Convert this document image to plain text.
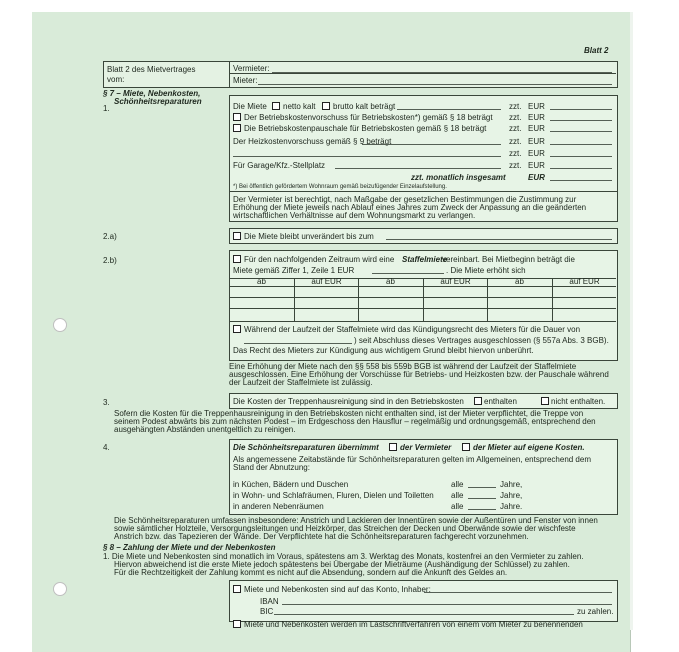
Blatt 2
Blatt 2 des Mietvertrages
vom:
Vermieter:
Mieter:
§ 7 – Miete, Nebenkosten,
Schönheitsreparaturen
1.	Die Miete netto kalt brutto kalt beträgt	zzt. EUR
Der Betriebskostenvorschuss für Betriebskosten*) gemäß § 18 beträgt zzt. EUR
Die Betriebskostenpauschale für Betriebskosten gemäß § 18 beträgt	zzt. EUR
Der Heizkostenvorschuss gemäß § 9 beträgt	zzt. EUR
zzt. EUR
Für Garage/Kfz.-Stellplatz	zzt. EUR
zzt. monatlich insgesamt	EUR
*) Bei öffentlich gefördertem Wohnraum gemäß beizufügender Einzelaufstellung.
Der Vermieter ist berechtigt, nach Maßgabe der gesetzlichen Bestimmungen die Zustimmung zur
Erhöhung der Miete jeweils nach Ablauf eines Jahres zum Zweck der Anpassung an die geänderten
wirtschaftlichen Verhältnisse auf dem Wohnungsmarkt zu verlangen.
2.a)	Die Miete bleibt unverändert bis zum
2.b)	Für den nachfolgenden Zeitraum wird eine Staffelmiete
vereinbart. Bei Mietbeginn beträgt die
Miete gemäß Ziffer 1, Zeile 1 EUR	. Die Miete erhöht sich
ab	auf EUR	ab	auf EUR	ab	auf EUR
Während der Laufzeit der Staffelmiete wird das Kündigungsrecht des Mieters für die Dauer von
) seit Abschluss dieses Vertrages ausgeschlossen (§ 557a Abs. 3 BGB).
Das Recht des Mieters zur Kündigung aus wichtigem Grund bleibt hiervon unberührt.
Eine Erhöhung der Miete nach den §§ 558 bis 559b BGB ist während der Laufzeit der Staffelmiete
ausgeschlossen. Eine Erhöhung der Vorschüsse für Betriebs- und Heizkosten bzw. der Pauschale während
der Laufzeit der Staffelmiete ist zulässig.
3.	Die Kosten der Treppenhausreinigung sind in den Betriebskosten	enthalten	nicht enthalten.
Sofern die Kosten für die Treppenhausreinigung in den Betriebskosten nicht enthalten sind, ist der Mieter verpflichtet, die Treppe von
seinem Podest abwärts bis zum nächsten Podest – im Erdgeschoss den Hausflur – regelmäßig und ordnungsgemäß, entsprechend den
ausgehängten Abständen unentgeltlich zu reinigen.
4.	Die Schönheitsreparaturen übernimmt	der Vermieter	der Mieter auf eigene Kosten.
Als angemessene Zeitabstände für Schönheitsreparaturen gelten im Allgemeinen, entsprechend dem
Stand der Abnutzung:
in Küchen, Bädern und Duschen	alle	Jahre,
in Wohn- und Schlafräumen, Fluren, Dielen und Toiletten alle	Jahre,
in anderen Nebenräumen	alle	Jahre.
Die Schönheitsreparaturen umfassen insbesondere: Anstrich und Lackieren der Innentüren sowie der Außentüren und Fenster von innen
sowie sämtlicher Holzteile, Versorgungsleitungen und Heizkörper, das Streichen der Decken und Oberwände sowie der wischfeste
Anstrich bzw. das Tapezieren der Wände. Der Verpflichtete hat die Schönheitsreparaturen fachgerecht vorzunehmen.
§ 8 – Zahlung der Miete und der Nebenkosten
1. Die Miete und Nebenkosten sind monatlich im Voraus, spätestens am 3. Werktag des Monats, kostenfrei an den Vermieter zu zahlen.
Hiervon abweichend ist die erste Miete jedoch spätestens bei Übergabe der Mieträume (Aushändigung der Schlüssel) zu zahlen.
Für die Rechtzeitigkeit der Zahlung kommt es nicht auf die Absendung, sondern auf die Ankunft des Geldes an.
Miete und Nebenkosten sind auf das Konto, Inhaber:
IBAN
BIC	zu zahlen.
Miete und Nebenkosten werden im Lastschriftverfahren von einem vom Mieter zu benennenden
